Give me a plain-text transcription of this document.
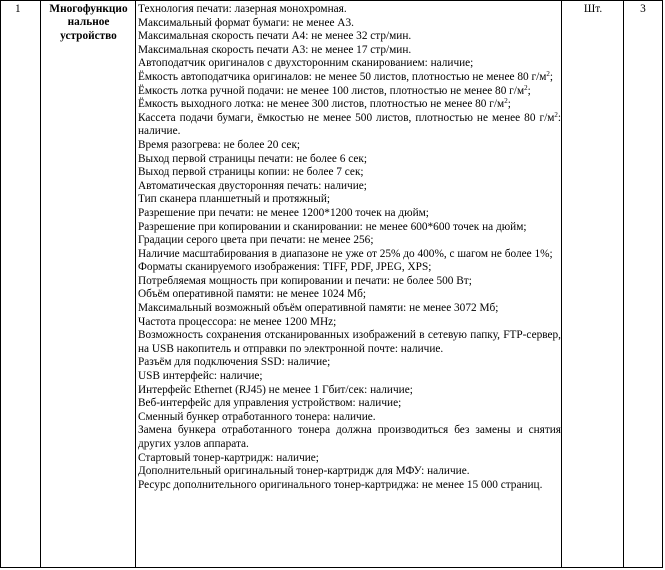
1	Многофункцио нальное устройство
Технология печати: лазерная монохромная.
Максимальный формат бумаги: не менее А3.
Максимальная скорость печати А4: не менее 32 стр/мин.
Максимальная скорость печати А3: не менее 17 стр/мин.
Автоподатчик оригиналов с двухсторонним сканированием: наличие;
Ёмкость автоподатчика оригиналов: не менее 50 листов, плотностью не менее 80 $г/м^2$;
Ёмкость лотка ручной подачи: не менее 100 листов, плотностью не менее 80 $г/м^2$;
Ёмкость выходного лотка: не менее 300 листов, плотностью не менее 80 $г/м^2$;
Кассета подачи бумаги, ёмкостью не менее 500 листов, плотностью не менее 80 $г/м^2$: наличие.
Время разогрева: не более 20 сек;
Выход первой страницы печати: не более 6 сек;
Выход первой страницы копии: не более 7 сек;
Автоматическая двусторонняя печать: наличие;
Тип сканера планшетный и протяжный;
Разрешение при печати: не менее 1200*1200 точек на дюйм;
Разрешение при копировании и сканировании: не менее 600*600 точек на дюйм;
Градации серого цвета при печати: не менее 256;
Наличие масштабирования в диапазоне не уже от 25% до 400%, с шагом не более 1%;
Форматы сканируемого изображения: TIFF, PDF, JPEG, XPS;
Потребляемая мощность при копировании и печати: не более 500 Вт;
Объём оперативной памяти: не менее 1024 Мб;
Максимальный возможный объём оперативной памяти: не менее 3072 Мб;
Частота процессора: не менее 1200 MHz;
Возможность сохранения отсканированных изображений в сетевую папку, FTP-сервер, на USB накопитель и отправки по электронной почте: наличие.
Разъём для подключения SSD: наличие;
USB интерфейс: наличие;
Интерфейс Ethernet (RJ45) не менее 1 Гбит/сек: наличие;
Веб-интерфейс для управления устройством: наличие;
Сменный бункер отработанного тонера: наличие.
Замена бункера отработанного тонера должна производиться без замены и снятия других узлов аппарата.
Стартовый тонер-картридж: наличие;
Дополнительный оригинальный тонер-картридж для МФУ: наличие.
Ресурс дополнительного оригинального тонер-картриджа: не менее 15 000 страниц.
Шт.	3
